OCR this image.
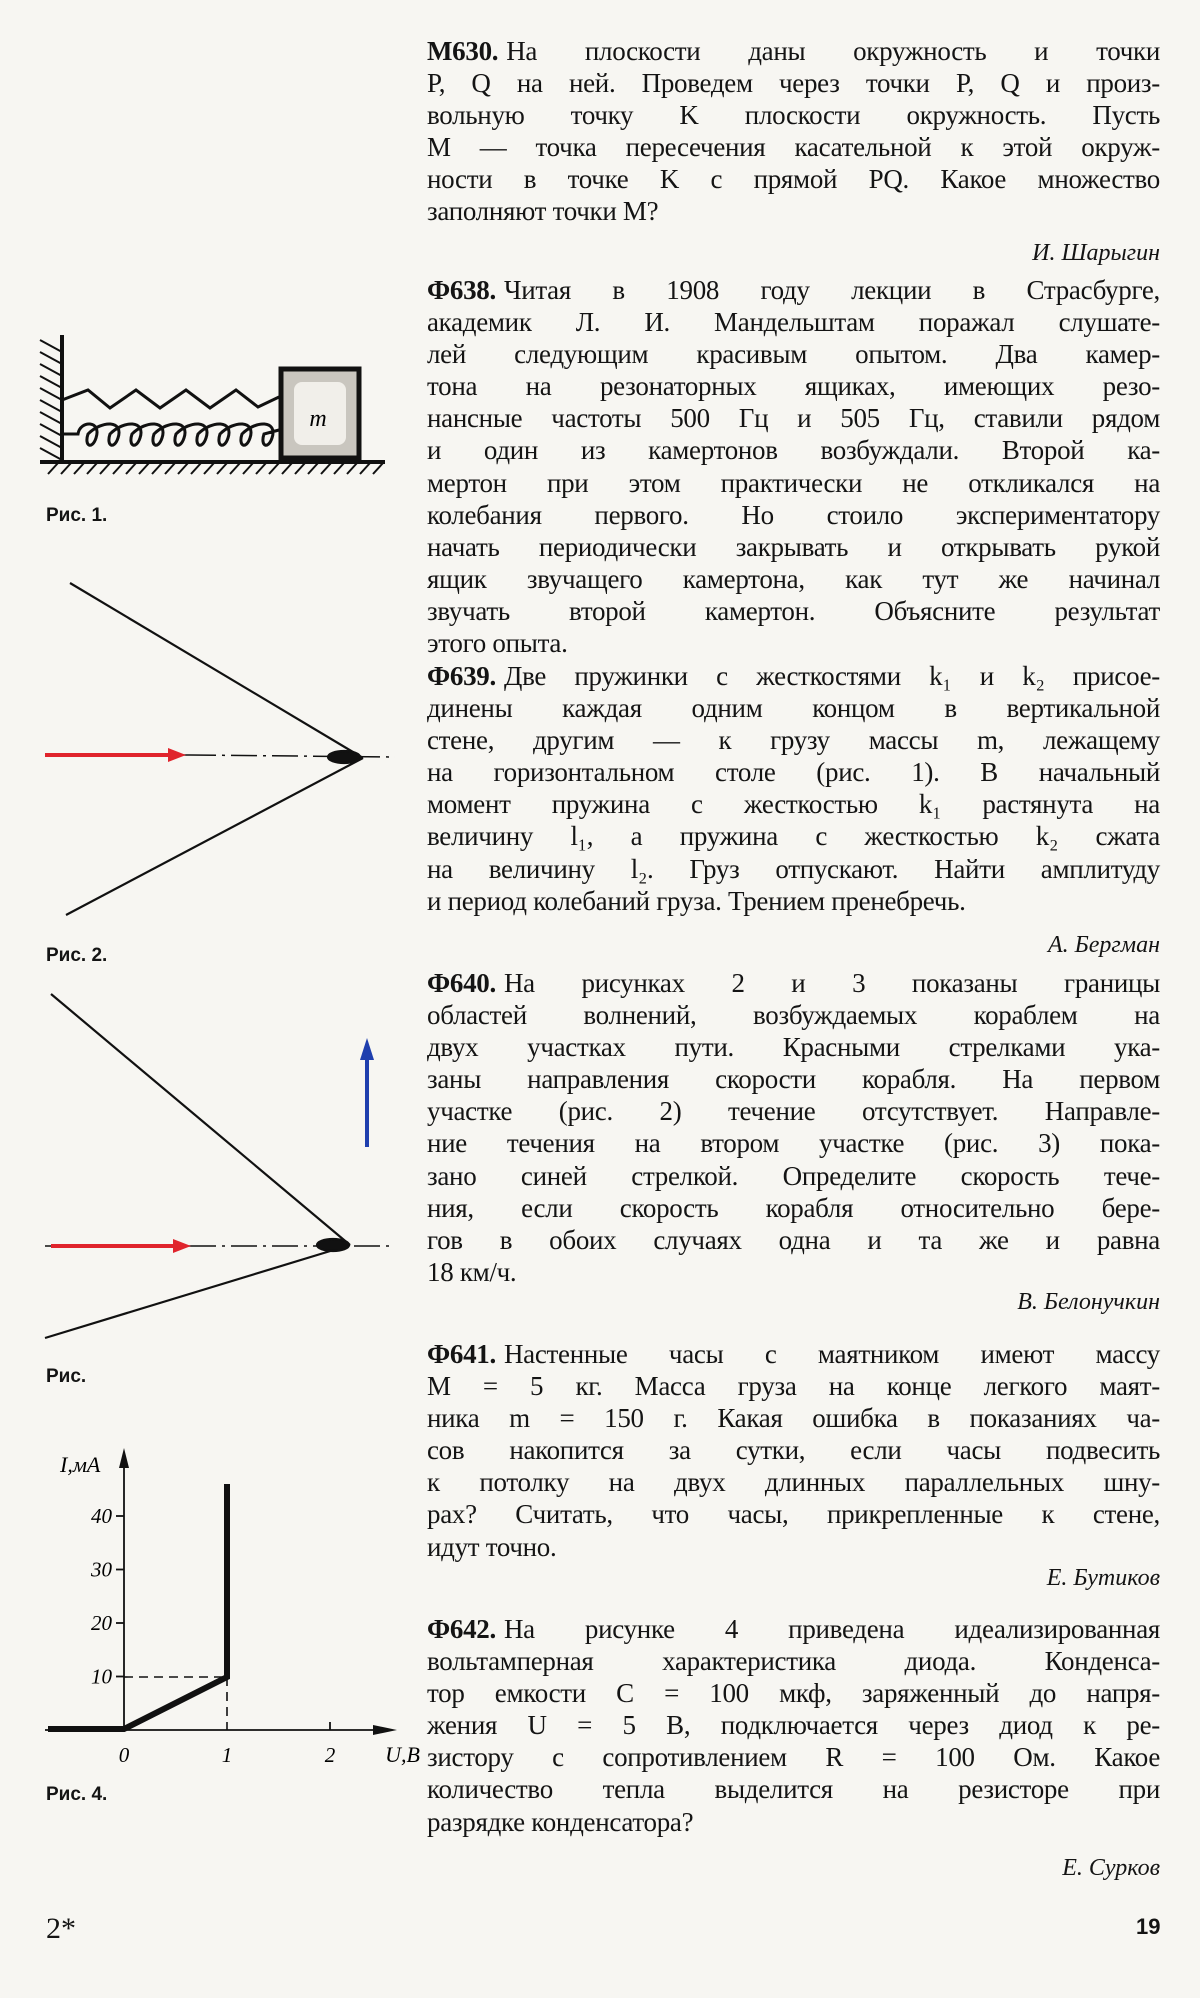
М630. На плоскости даны окружность и точки
P, Q на ней. Проведем через точки P, Q и произ-
вольную точку K плоскости окружность. Пусть
M — точка пересечения касательной к этой окруж-
ности в точке K с прямой PQ. Какое множество
заполняют точки M?
Ф638. Читая в 1908 году лекции в Страсбурге,
академик Л. И. Мандельштам поражал слушате-
лей следующим красивым опытом. Два камер-
тона на резонаторных ящиках, имеющих резо-
нансные частоты 500 Гц и 505 Гц, ставили рядом
и один из камертонов возбуждали. Второй ка-
мертон при этом практически не откликался на
колебания первого. Но стоило экспериментатору
начать периодически закрывать и открывать рукой
ящик звучащего камертона, как тут же начинал
звучать второй камертон. Объясните результат
этого опыта.
Ф639. Две пружинки с жесткостями k₁ и k₂ присое-
динены каждая одним концом в вертикальной
стене, другим — к грузу массы m, лежащему
на горизонтальном столе (рис. 1). В начальный
момент пружина с жесткостью k₁ растянута на
величину l₁, а пружина с жесткостью k₂ сжата
на величину l₂. Груз отпускают. Найти амплитуду
и период колебаний груза. Трением пренебречь.
Ф640. На рисунках 2 и 3 показаны границы
областей волнений, возбуждаемых кораблем на
двух участках пути. Красными стрелками ука-
заны направления скорости корабля. На первом
участке (рис. 2) течение отсутствует. Направле-
ние течения на втором участке (рис. 3) пока-
зано синей стрелкой. Определите скорость тече-
ния, если скорость корабля относительно бере-
гов в обоих случаях одна и та же и равна
18 км/ч.
Ф641. Настенные часы с маятником имеют массу
M = 5 кг. Масса груза на конце легкого маят-
ника m = 150 г. Какая ошибка в показаниях ча-
сов накопится за сутки, если часы подвесить
к потолку на двух длинных параллельных шну-
рах? Считать, что часы, прикрепленные к стене,
идут точно.
Ф642. На рисунке 4 приведена идеализированная
вольтамперная характеристика диода. Конденса-
тор емкости C = 100 мкф, заряженный до напря-
жения U = 5 В, подключается через диод к ре-
зистору с сопротивлением R = 100 Ом. Какое
количество тепла выделится на резисторе при
разрядке конденсатора?
Рис. 1.
Рис. 2.
Рис.
Рис. 4.
2*	19
m
I,мА
U,В
10
20
30
40
0	1	2
И. Шарыгин
А. Бергман
В. Белонучкин
Е. Бутиков
Е. Сурков
